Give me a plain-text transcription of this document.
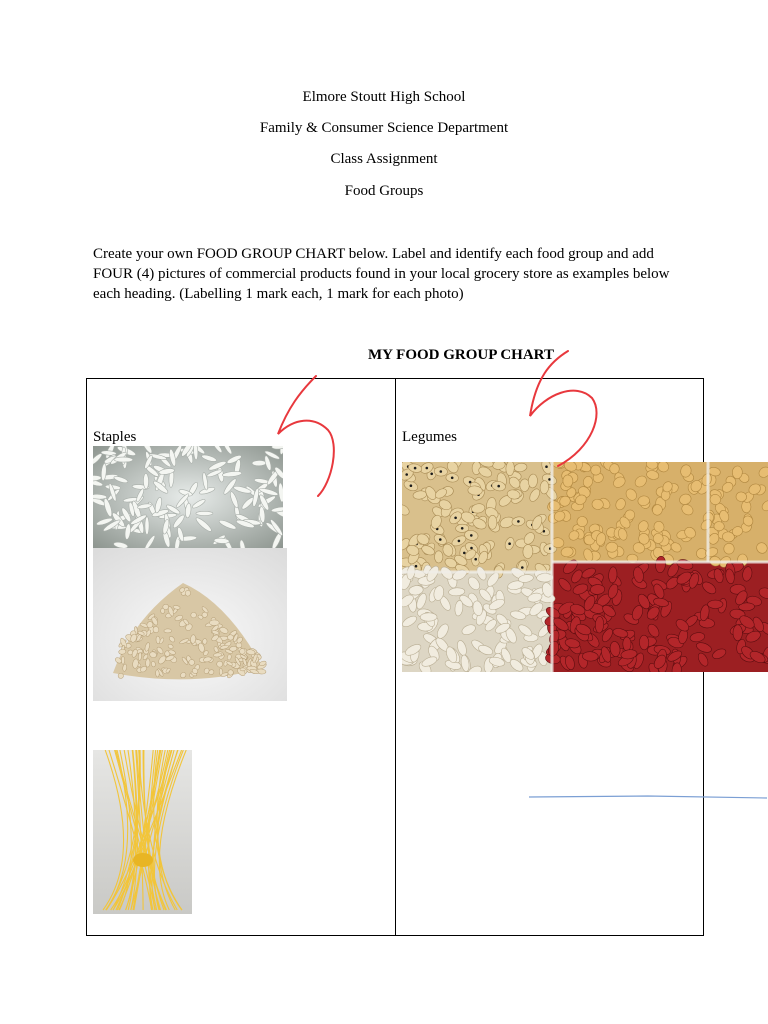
Elmore Stoutt High School
Family & Consumer Science Department
Class Assignment
Food Groups
Create your own FOOD GROUP CHART below. Label and identify each food group and add FOUR (4) pictures of commercial products found in your local grocery store as examples below each heading. (Labelling 1 mark each, 1 mark for each photo)
MY FOOD GROUP CHART
Staples	Legumes
